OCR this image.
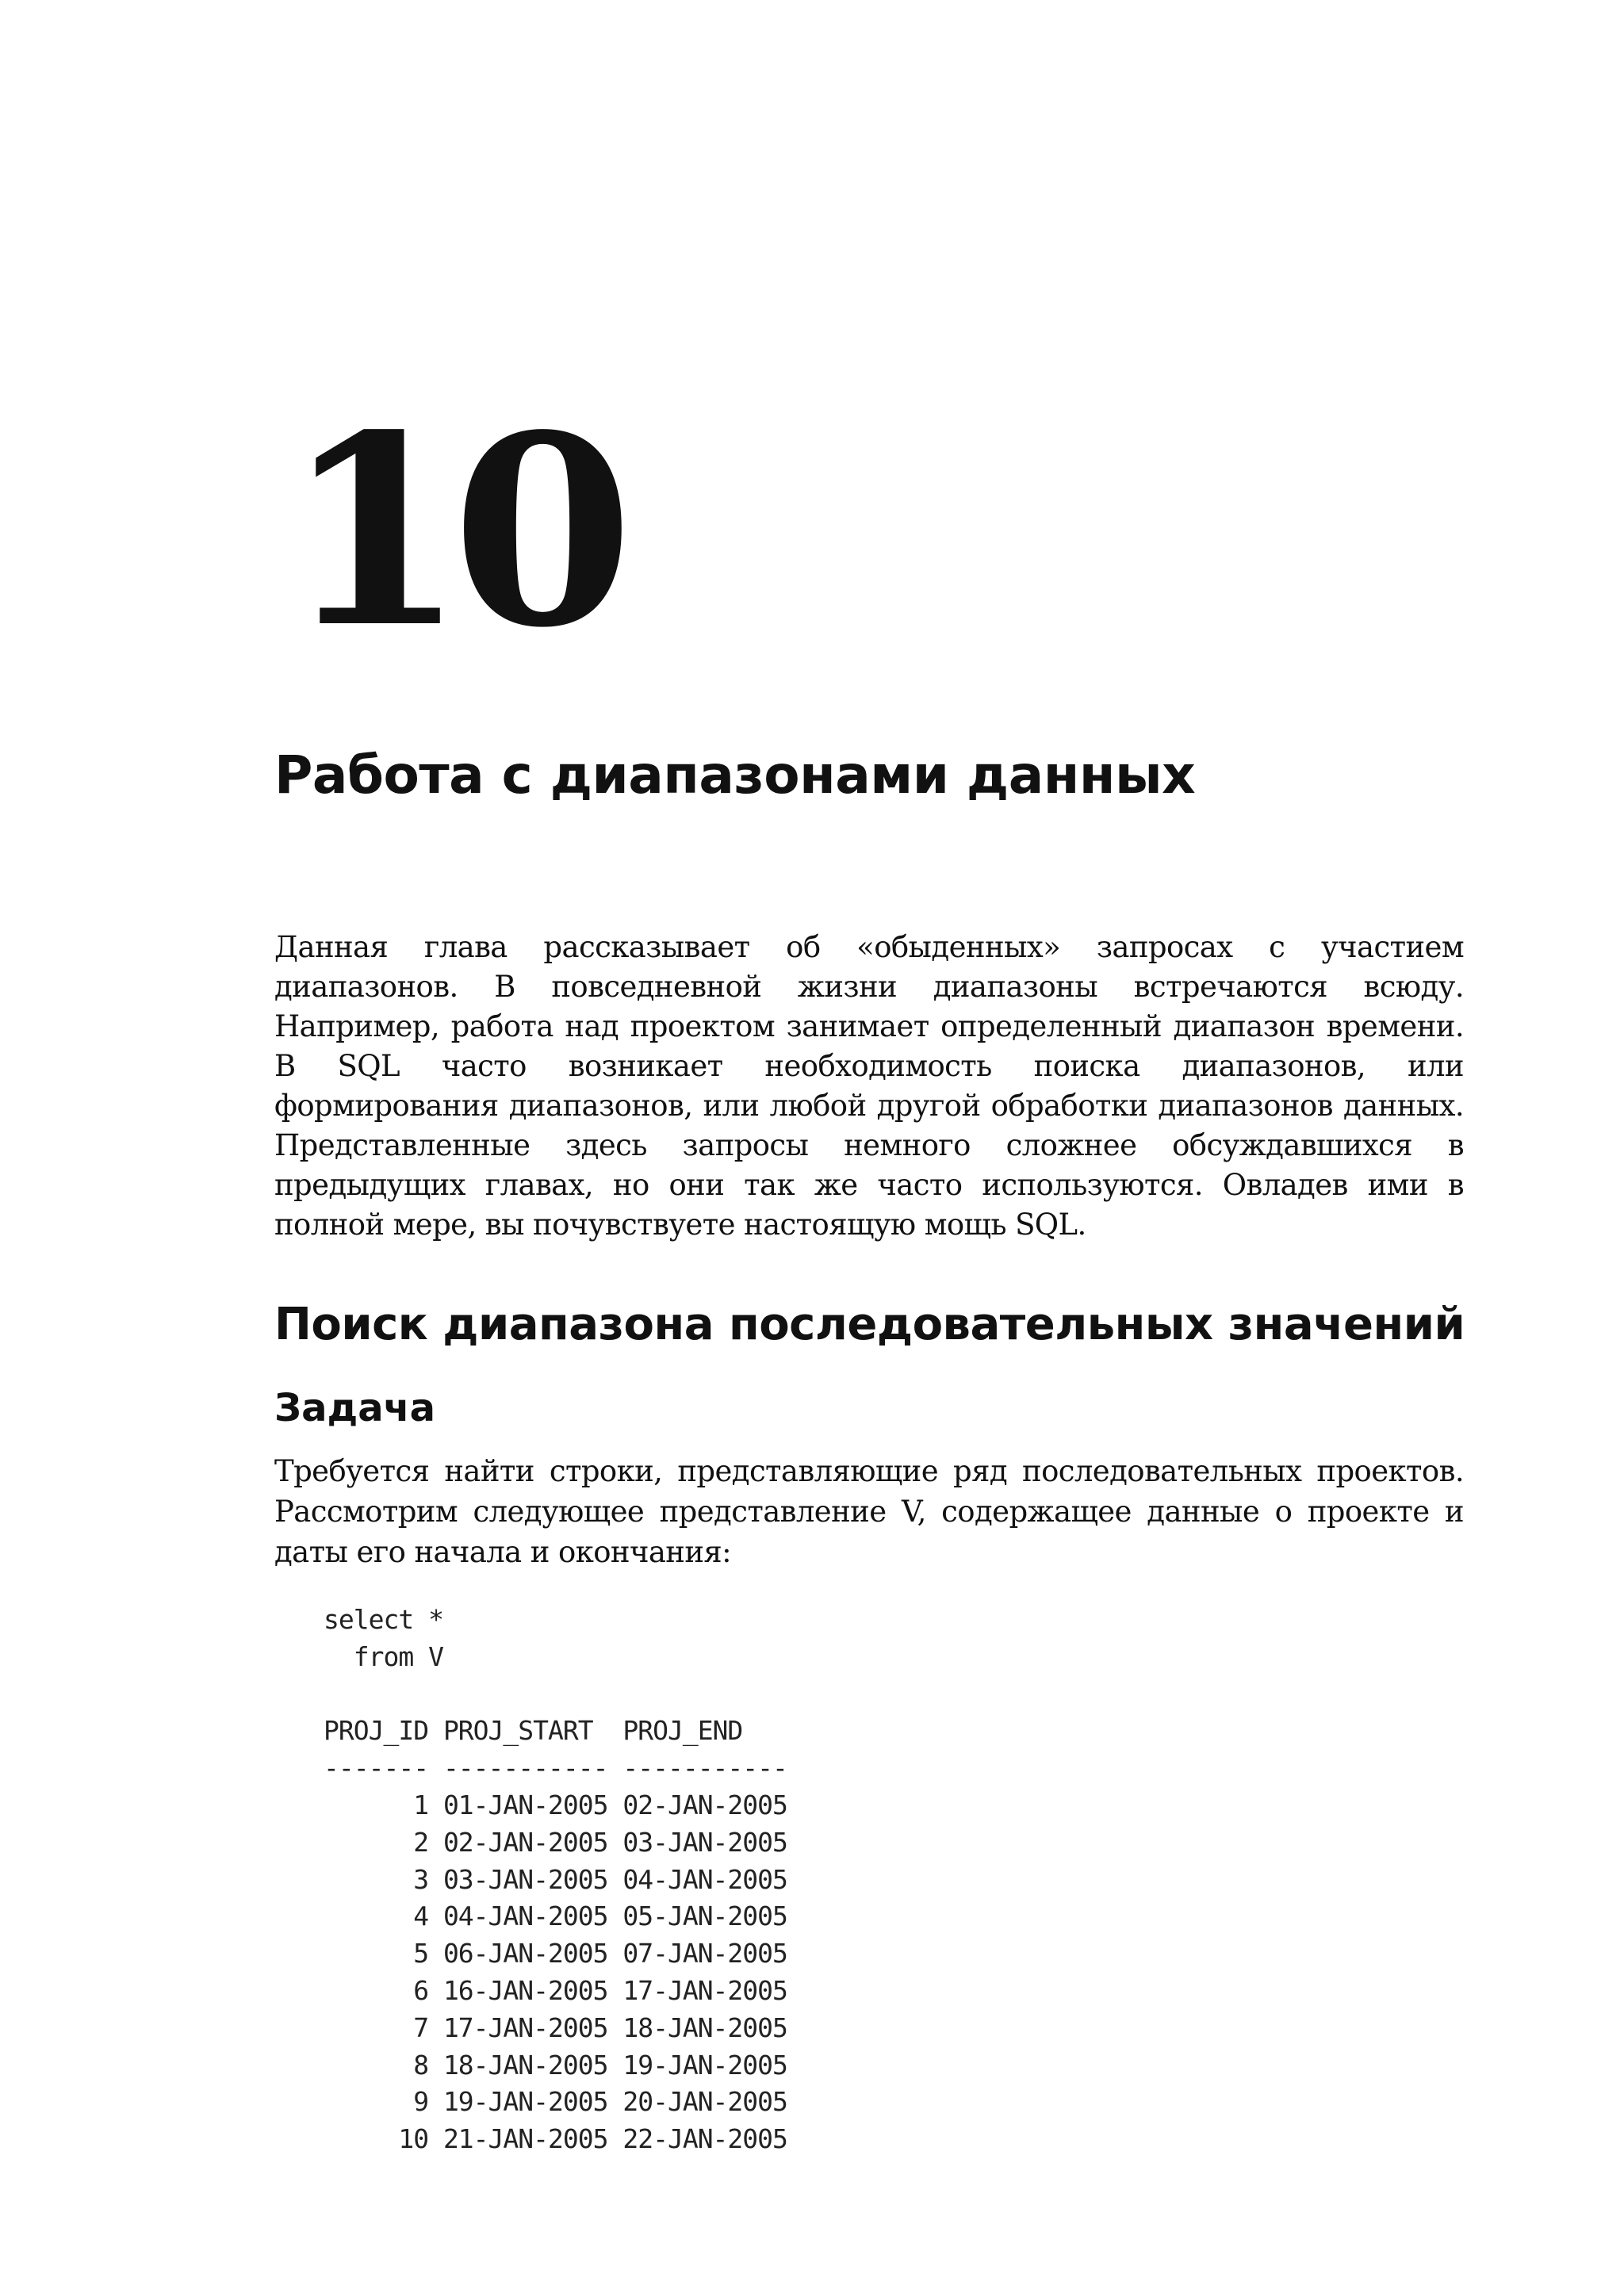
10
Работа с диапазонами данных

Данная глава рассказывает об «обыденных» запросах с участием диапазонов. В повседневной жизни диапазоны встречаются всюду. Например, работа над проектом занимает определенный диапазон времени. В SQL часто возникает необходимость поиска диапазонов, или формирования диапазонов, или любой другой обработки диапазонов данных. Представленные здесь запросы немного сложнее обсуждавшихся в предыдущих главах, но они так же часто используются. Овладев ими в полной мере, вы почувствуете настоящую мощь SQL.

Поиск диапазона последовательных значений
Задача

Требуется найти строки, представляющие ряд последовательных проектов. Рассмотрим следующее представление V, содержащее данные о проекте и даты его начала и окончания:

select *
from V

PROJ_ID PROJ_START  PROJ_END
------- ----------- -----------
1 01-JAN-2005 02-JAN-2005
2 02-JAN-2005 03-JAN-2005
3 03-JAN-2005 04-JAN-2005
4 04-JAN-2005 05-JAN-2005
5 06-JAN-2005 07-JAN-2005
6 16-JAN-2005 17-JAN-2005
7 17-JAN-2005 18-JAN-2005
8 18-JAN-2005 19-JAN-2005
9 19-JAN-2005 20-JAN-2005
10 21-JAN-2005 22-JAN-2005
